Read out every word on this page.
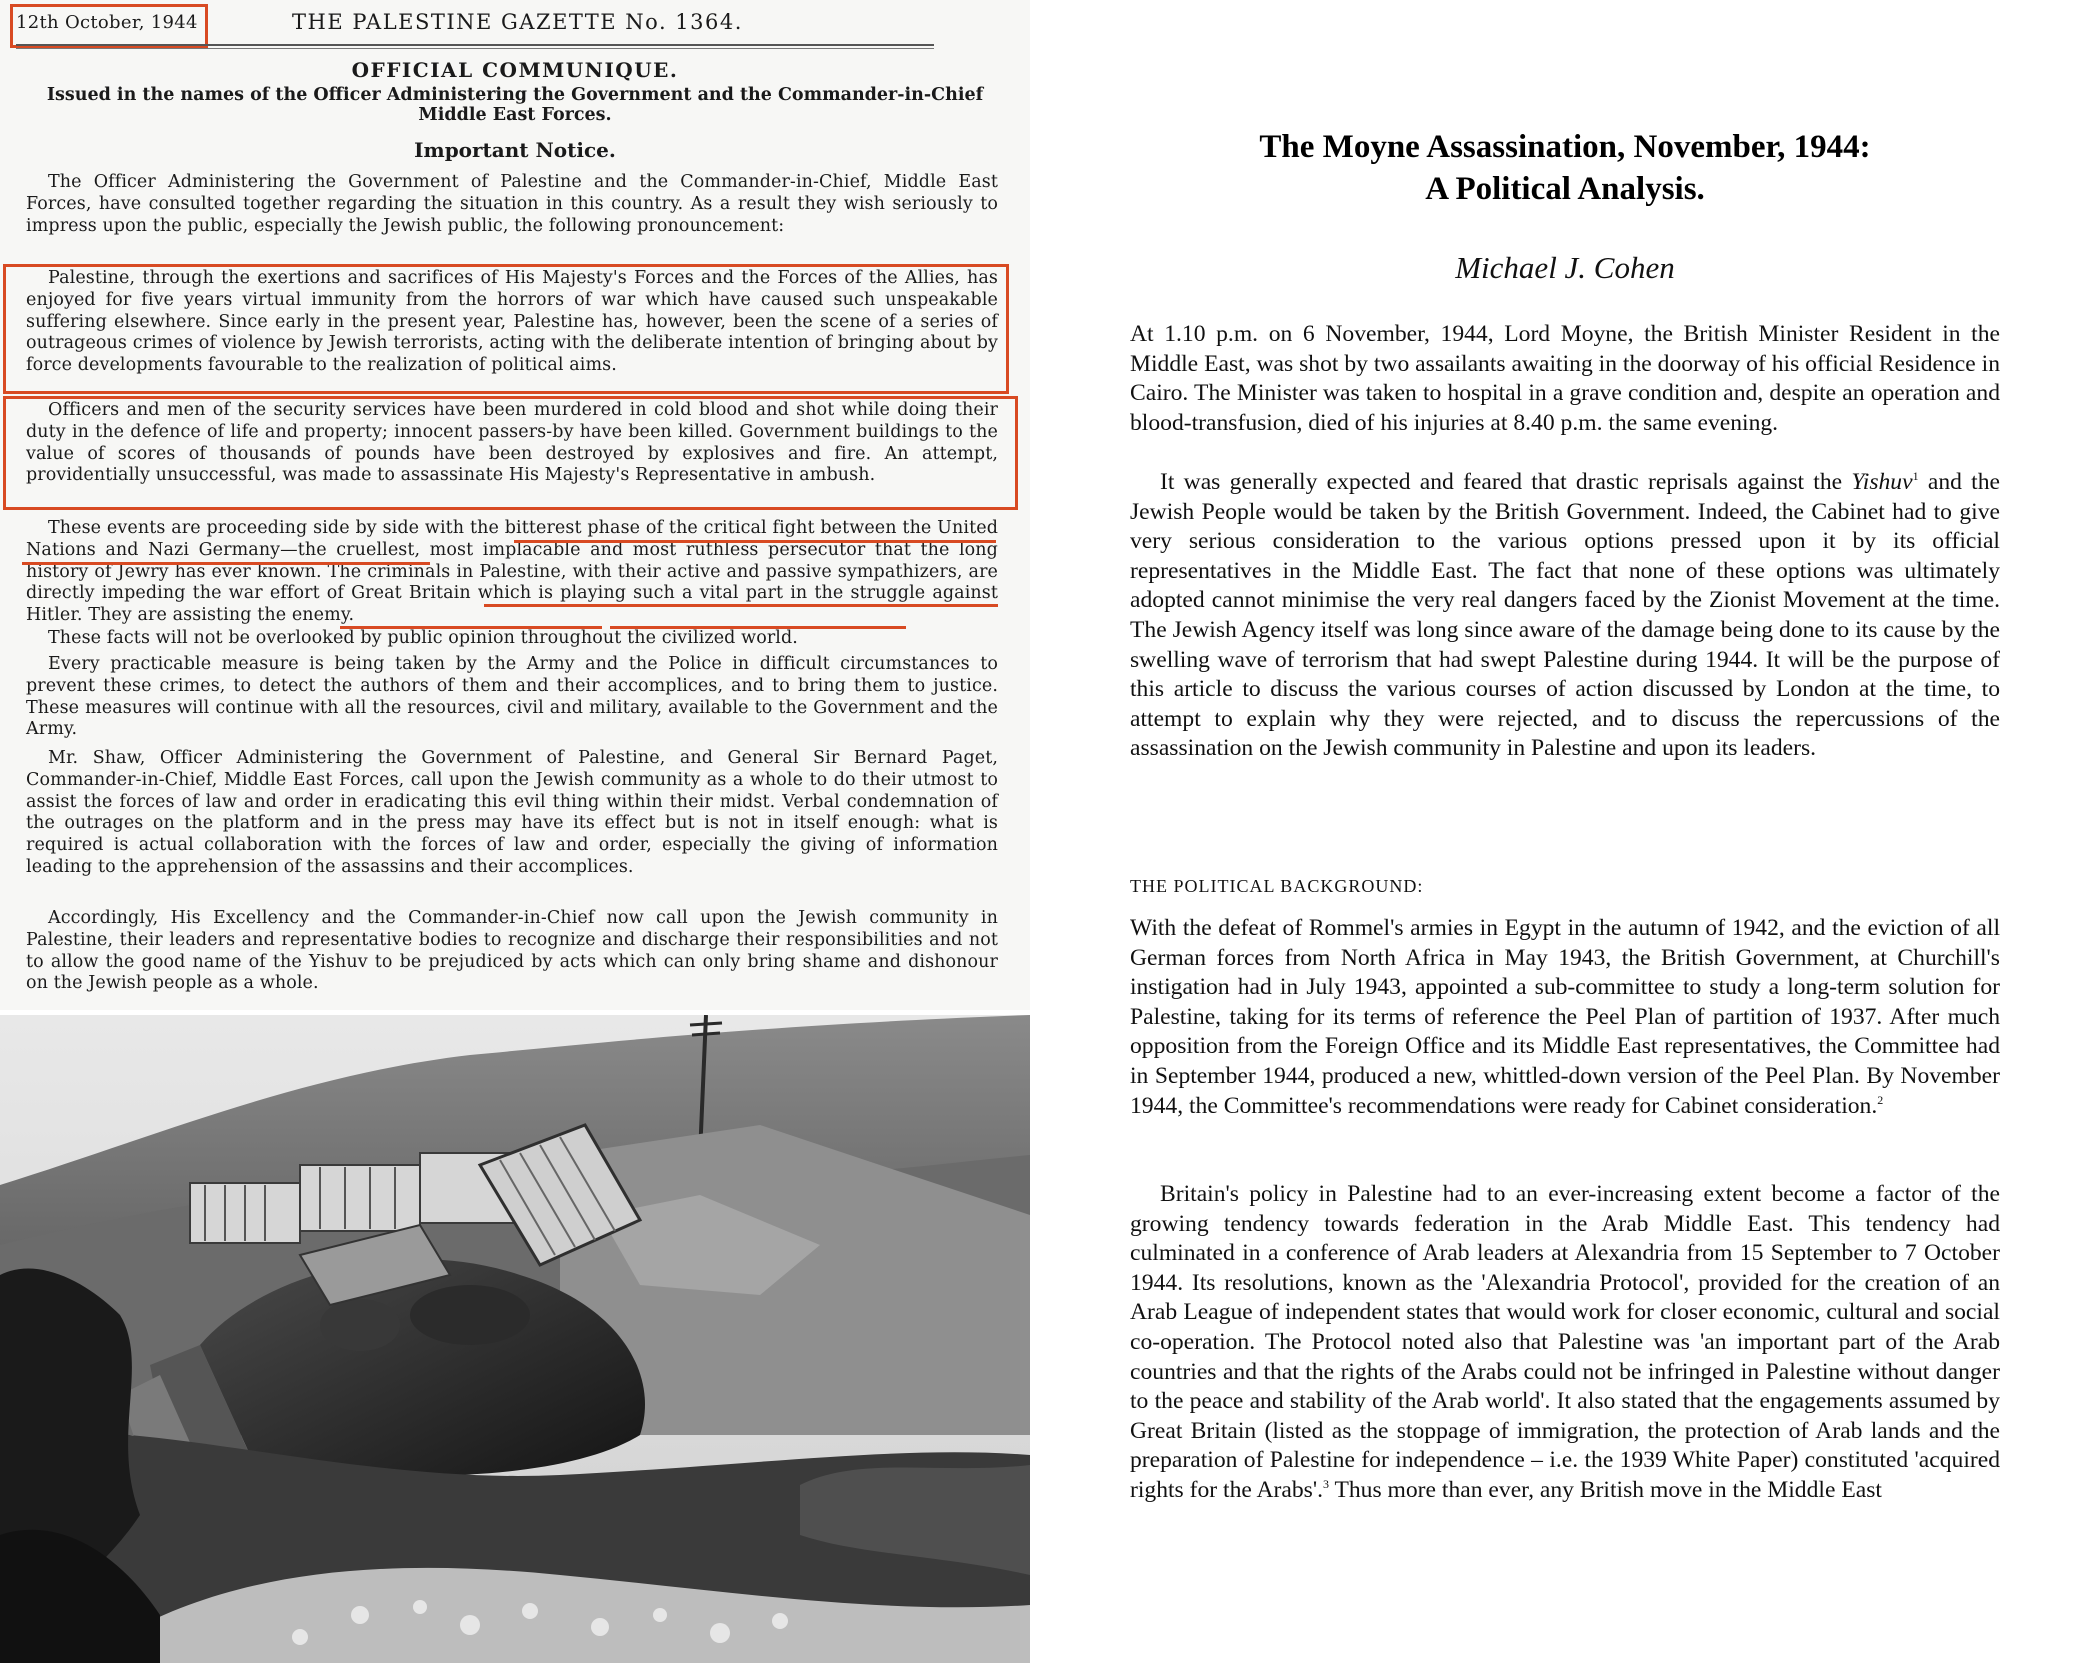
12th October, 1944	THE PALESTINE GAZETTE No. 1364.
OFFICIAL COMMUNIQUE.
Issued in the names of the Officer Administering the Government and the Commander-in-Chief
Middle East Forces.
Important Notice.

The Officer Administering the Government of Palestine and the Commander-in-Chief, Middle East Forces, have consulted together regarding the situation in this country. As a result they wish seriously to impress upon the public, especially the Jewish public, the following pronouncement:

Palestine, through the exertions and sacrifices of His Majesty's Forces and the Forces of the Allies, has enjoyed for five years virtual immunity from the horrors of war which have caused such unspeakable suffering elsewhere. Since early in the present year, Palestine has, however, been the scene of a series of outrageous crimes of violence by Jewish terrorists, acting with the deliberate intention of bringing about by force developments favourable to the realization of political aims.

Officers and men of the security services have been murdered in cold blood and shot while doing their duty in the defence of life and property; innocent passers-by have been killed. Government buildings to the value of scores of thousands of pounds have been destroyed by explosives and fire. An attempt, providentially unsuccessful, was made to assassinate His Majesty's Representative in ambush.

These events are proceeding side by side with the bitterest phase of the critical fight between the United Nations and Nazi Germany—the cruellest, most implacable and most ruthless persecutor that the long history of Jewry has ever known. The criminals in Palestine, with their active and passive sympathizers, are directly impeding the war effort of Great Britain which is playing such a vital part in the struggle against Hitler. They are assisting the enemy.

These facts will not be overlooked by public opinion throughout the civilized world.

Every practicable measure is being taken by the Army and the Police in difficult circumstances to prevent these crimes, to detect the authors of them and their accomplices, and to bring them to justice. These measures will continue with all the resources, civil and military, available to the Government and the Army.

Mr. Shaw, Officer Administering the Government of Palestine, and General Sir Bernard Paget, Commander-in-Chief, Middle East Forces, call upon the Jewish community as a whole to do their utmost to assist the forces of law and order in eradicating this evil thing within their midst. Verbal condemnation of the outrages on the platform and in the press may have its effect but is not in itself enough: what is required is actual collaboration with the forces of law and order, especially the giving of information leading to the apprehension of the assassins and their accomplices.

Accordingly, His Excellency and the Commander-in-Chief now call upon the Jewish community in Palestine, their leaders and representative bodies to recognize and discharge their responsibilities and not to allow the good name of the Yishuv to be prejudiced by acts which can only bring shame and dishonour on the Jewish people as a whole.

The Moyne Assassination, November, 1944:
A Political Analysis.
Michael J. Cohen

At 1.10 p.m. on 6 November, 1944, Lord Moyne, the British Minister Resident in the Middle East, was shot by two assailants awaiting in the doorway of his official Residence in Cairo. The Minister was taken to hospital in a grave condition and, despite an operation and blood-transfusion, died of his injuries at 8.40 p.m. the same evening.

It was generally expected and feared that drastic reprisals against the Yishuv$^1$ and the Jewish People would be taken by the British Government. Indeed, the Cabinet had to give very serious consideration to the various options pressed upon it by its official representatives in the Middle East. The fact that none of these options was ultimately adopted cannot minimise the very real dangers faced by the Zionist Movement at the time. The Jewish Agency itself was long since aware of the damage being done to its cause by the swelling wave of terrorism that had swept Palestine during 1944. It will be the purpose of this article to discuss the various courses of action discussed by London at the time, to attempt to explain why they were rejected, and to discuss the repercussions of the assassination on the Jewish community in Palestine and upon its leaders.

THE POLITICAL BACKGROUND:

With the defeat of Rommel's armies in Egypt in the autumn of 1942, and the eviction of all German forces from North Africa in May 1943, the British Government, at Churchill's instigation had in July 1943, appointed a sub-committee to study a long-term solution for Palestine, taking for its terms of reference the Peel Plan of partition of 1937. After much opposition from the Foreign Office and its Middle East representatives, the Committee had in September 1944, produced a new, whittled-down version of the Peel Plan. By November 1944, the Committee's recommendations were ready for Cabinet consideration.$^2$

Britain's policy in Palestine had to an ever-increasing extent become a factor of the growing tendency towards federation in the Arab Middle East. This tendency had culminated in a conference of Arab leaders at Alexandria from 15 September to 7 October 1944. Its resolutions, known as the 'Alexandria Protocol', provided for the creation of an Arab League of independent states that would work for closer economic, cultural and social co-operation. The Protocol noted also that Palestine was 'an important part of the Arab countries and that the rights of the Arabs could not be infringed in Palestine without danger to the peace and stability of the Arab world'. It also stated that the engagements assumed by Great Britain (listed as the stoppage of immigration, the protection of Arab lands and the preparation of Palestine for independence – i.e. the 1939 White Paper) constituted 'acquired rights for the Arabs'.$^3$ Thus more than ever, any British move in the Middle East
